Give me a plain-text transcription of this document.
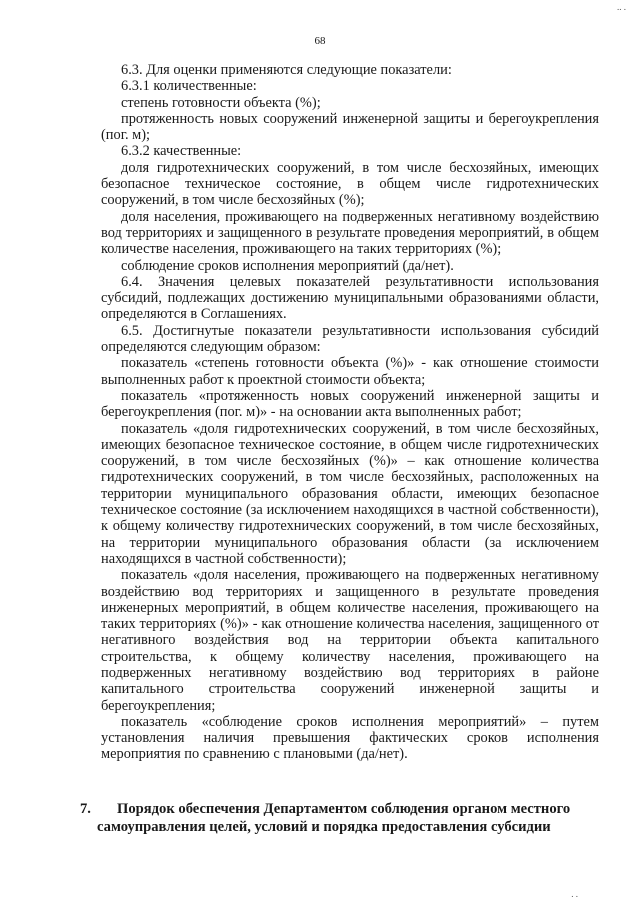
.. .
68

6.3. Для оценки применяются следующие показатели:

6.3.1 количественные:

степень готовности объекта (%);

протяженность новых сооружений инженерной защиты и берегоукрепления (пог. м);

6.3.2 качественные:

доля гидротехнических сооружений, в том числе бесхозяйных, имеющих безопасное техническое состояние, в общем числе гидротехнических сооружений, в том числе бесхозяйных (%);

доля населения, проживающего на подверженных негативному воздействию вод территориях и защищенного в результате проведения мероприятий, в общем количестве населения, проживающего на таких территориях (%);

соблюдение сроков исполнения мероприятий (да/нет).

6.4. Значения целевых показателей результативности использования субсидий, подлежащих достижению муниципальными образованиями области, определяются в Соглашениях.

6.5. Достигнутые показатели результативности использования субсидий определяются следующим образом:

показатель «степень готовности объекта (%)» - как отношение стоимости выполненных работ к проектной стоимости объекта;

показатель «протяженность новых сооружений инженерной защиты и берегоукрепления (пог. м)» - на основании акта выполненных работ;

показатель «доля гидротехнических сооружений, в том числе бесхозяйных, имеющих безопасное техническое состояние, в общем числе гидротехнических сооружений, в том числе бесхозяйных (%)» – как отношение количества гидротехнических сооружений, в том числе бесхозяйных, расположенных на территории муниципального образования области, имеющих безопасное техническое состояние (за исключением находящихся в частной собственности), к общему количеству гидротехнических сооружений, в том числе бесхозяйных, на территории муниципального образования области (за исключением находящихся в частной собственности);

показатель «доля населения, проживающего на подверженных негативному воздействию вод территориях и защищенного в результате проведения инженерных мероприятий, в общем количестве населения, проживающего на таких территориях (%)» - как отношение количества населения, защищенного от негативного воздействия вод на территории объекта капитального строительства, к общему количеству населения, проживающего на подверженных негативному воздействию вод территориях в районе капитального строительства сооружений инженерной защиты и берегоукрепления;

показатель «соблюдение сроков исполнения мероприятий» – путем установления наличия превышения фактических сроков исполнения мероприятия по сравнению с плановыми (да/нет).

7.	Порядок обеспечения Департаментом соблюдения органом местного самоуправления целей, условий и порядка предоставления субсидии
. .
